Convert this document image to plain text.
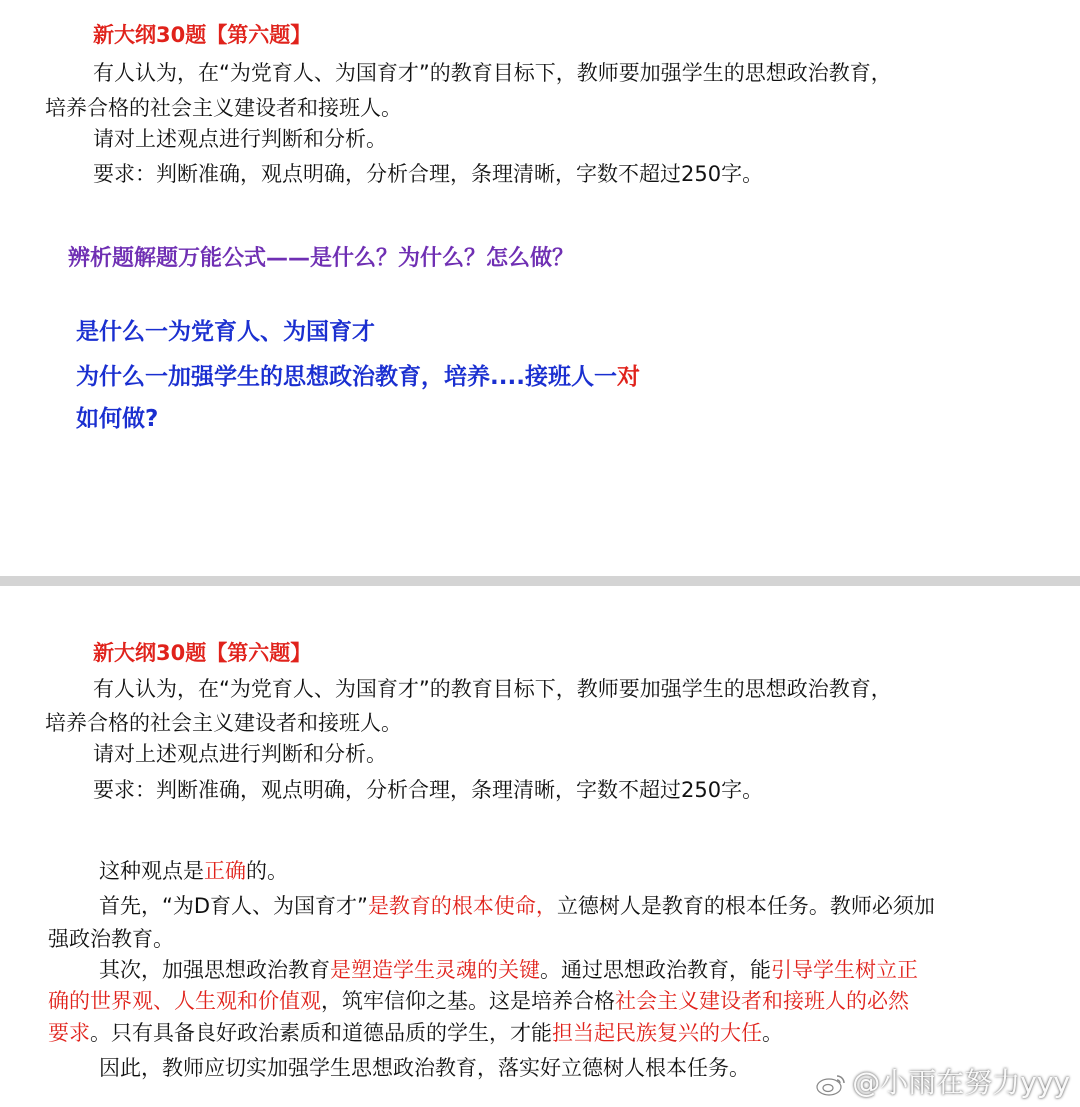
新大纲30题【第六题】
有人认为，在“为党育人、为国育才”的教育目标下，教师要加强学生的思想政治教育，
培养合格的社会主义建设者和接班人。
请对上述观点进行判断和分析。
要求：判断准确，观点明确，分析合理，条理清晰，字数不超过250字。
辨析题解题万能公式——是什么？为什么？怎么做？
是什么一为党育人、为国育才
为什么一加强学生的思想政治教育，培养....接班人一对
如何做?
新大纲30题【第六题】
有人认为，在“为党育人、为国育才”的教育目标下，教师要加强学生的思想政治教育，
培养合格的社会主义建设者和接班人。
请对上述观点进行判断和分析。
要求：判断准确，观点明确，分析合理，条理清晰，字数不超过250字。
这种观点是正确的。
首先，“为D育人、为国育才”是教育的根本使命，立德树人是教育的根本任务。教师必须加
强政治教育。
其次，加强思想政治教育是塑造学生灵魂的关键。通过思想政治教育，能引导学生树立正
确的世界观、人生观和价值观，筑牢信仰之基。这是培养合格社会主义建设者和接班人的必然
要求。只有具备良好政治素质和道德品质的学生，才能担当起民族复兴的大任。
因此，教师应切实加强学生思想政治教育，落实好立德树人根本任务。	@小雨在努力yyy
